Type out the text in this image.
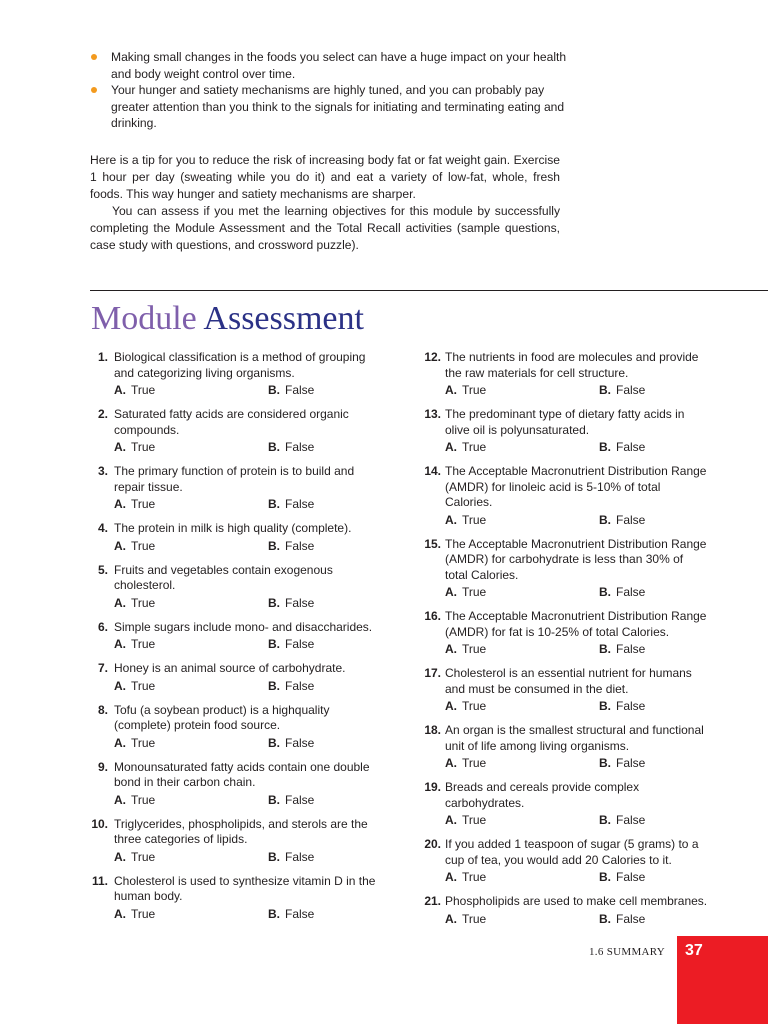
Making small changes in the foods you select can have a huge impact on your health and body weight control over time.
Your hunger and satiety mechanisms are highly tuned, and you can probably pay greater attention than you think to the signals for initiating and terminating eating and drinking.

Here is a tip for you to reduce the risk of increasing body fat or fat weight gain. Exercise 1 hour per day (sweating while you do it) and eat a variety of low-fat, whole, fresh foods. This way hunger and satiety mechanisms are sharper.

You can assess if you met the learning objectives for this module by successfully completing the Module Assessment and the Total Recall activities (sample questions, case study with questions, and crossword puzzle).

Module Assessment
1. Biological classification is a method of grouping and categorizing living organisms.
A. True	B. False
2. Saturated fatty acids are considered organic compounds.
A. True	B. False
3. The primary function of protein is to build and repair tissue.
A. True	B. False
4. The protein in milk is high quality (complete).
A. True	B. False
5. Fruits and vegetables contain exogenous cholesterol.
A. True	B. False
6. Simple sugars include mono- and disaccharides.
A. True	B. False
7. Honey is an animal source of carbohydrate.
A. True	B. False
8. Tofu (a soybean product) is a highquality (complete) protein food source.
A. True	B. False
9. Monounsaturated fatty acids contain one double bond in their carbon chain.
A. True	B. False
10. Triglycerides, phospholipids, and sterols are the three categories of lipids.
A. True	B. False
11. Cholesterol is used to synthesize vitamin D in the human body.
A. True	B. False
12. The nutrients in food are molecules and provide the raw materials for cell structure.
A. True	B. False
13. The predominant type of dietary fatty acids in olive oil is polyunsaturated.
A. True	B. False
14. The Acceptable Macronutrient Distribution Range (AMDR) for linoleic acid is 5-10% of total Calories.
A. True	B. False
15. The Acceptable Macronutrient Distribution Range (AMDR) for carbohydrate is less than 30% of total Calories.
A. True	B. False
16. The Acceptable Macronutrient Distribution Range (AMDR) for fat is 10-25% of total Calories.
A. True	B. False
17. Cholesterol is an essential nutrient for humans and must be consumed in the diet.
A. True	B. False
18. An organ is the smallest structural and functional unit of life among living organisms.
A. True	B. False
19. Breads and cereals provide complex carbohydrates.
A. True	B. False
20. If you added 1 teaspoon of sugar (5 grams) to a cup of tea, you would add 20 Calories to it.
A. True	B. False
21. Phospholipids are used to make cell membranes.
A. True	B. False
1.6 SUMMARY 37
